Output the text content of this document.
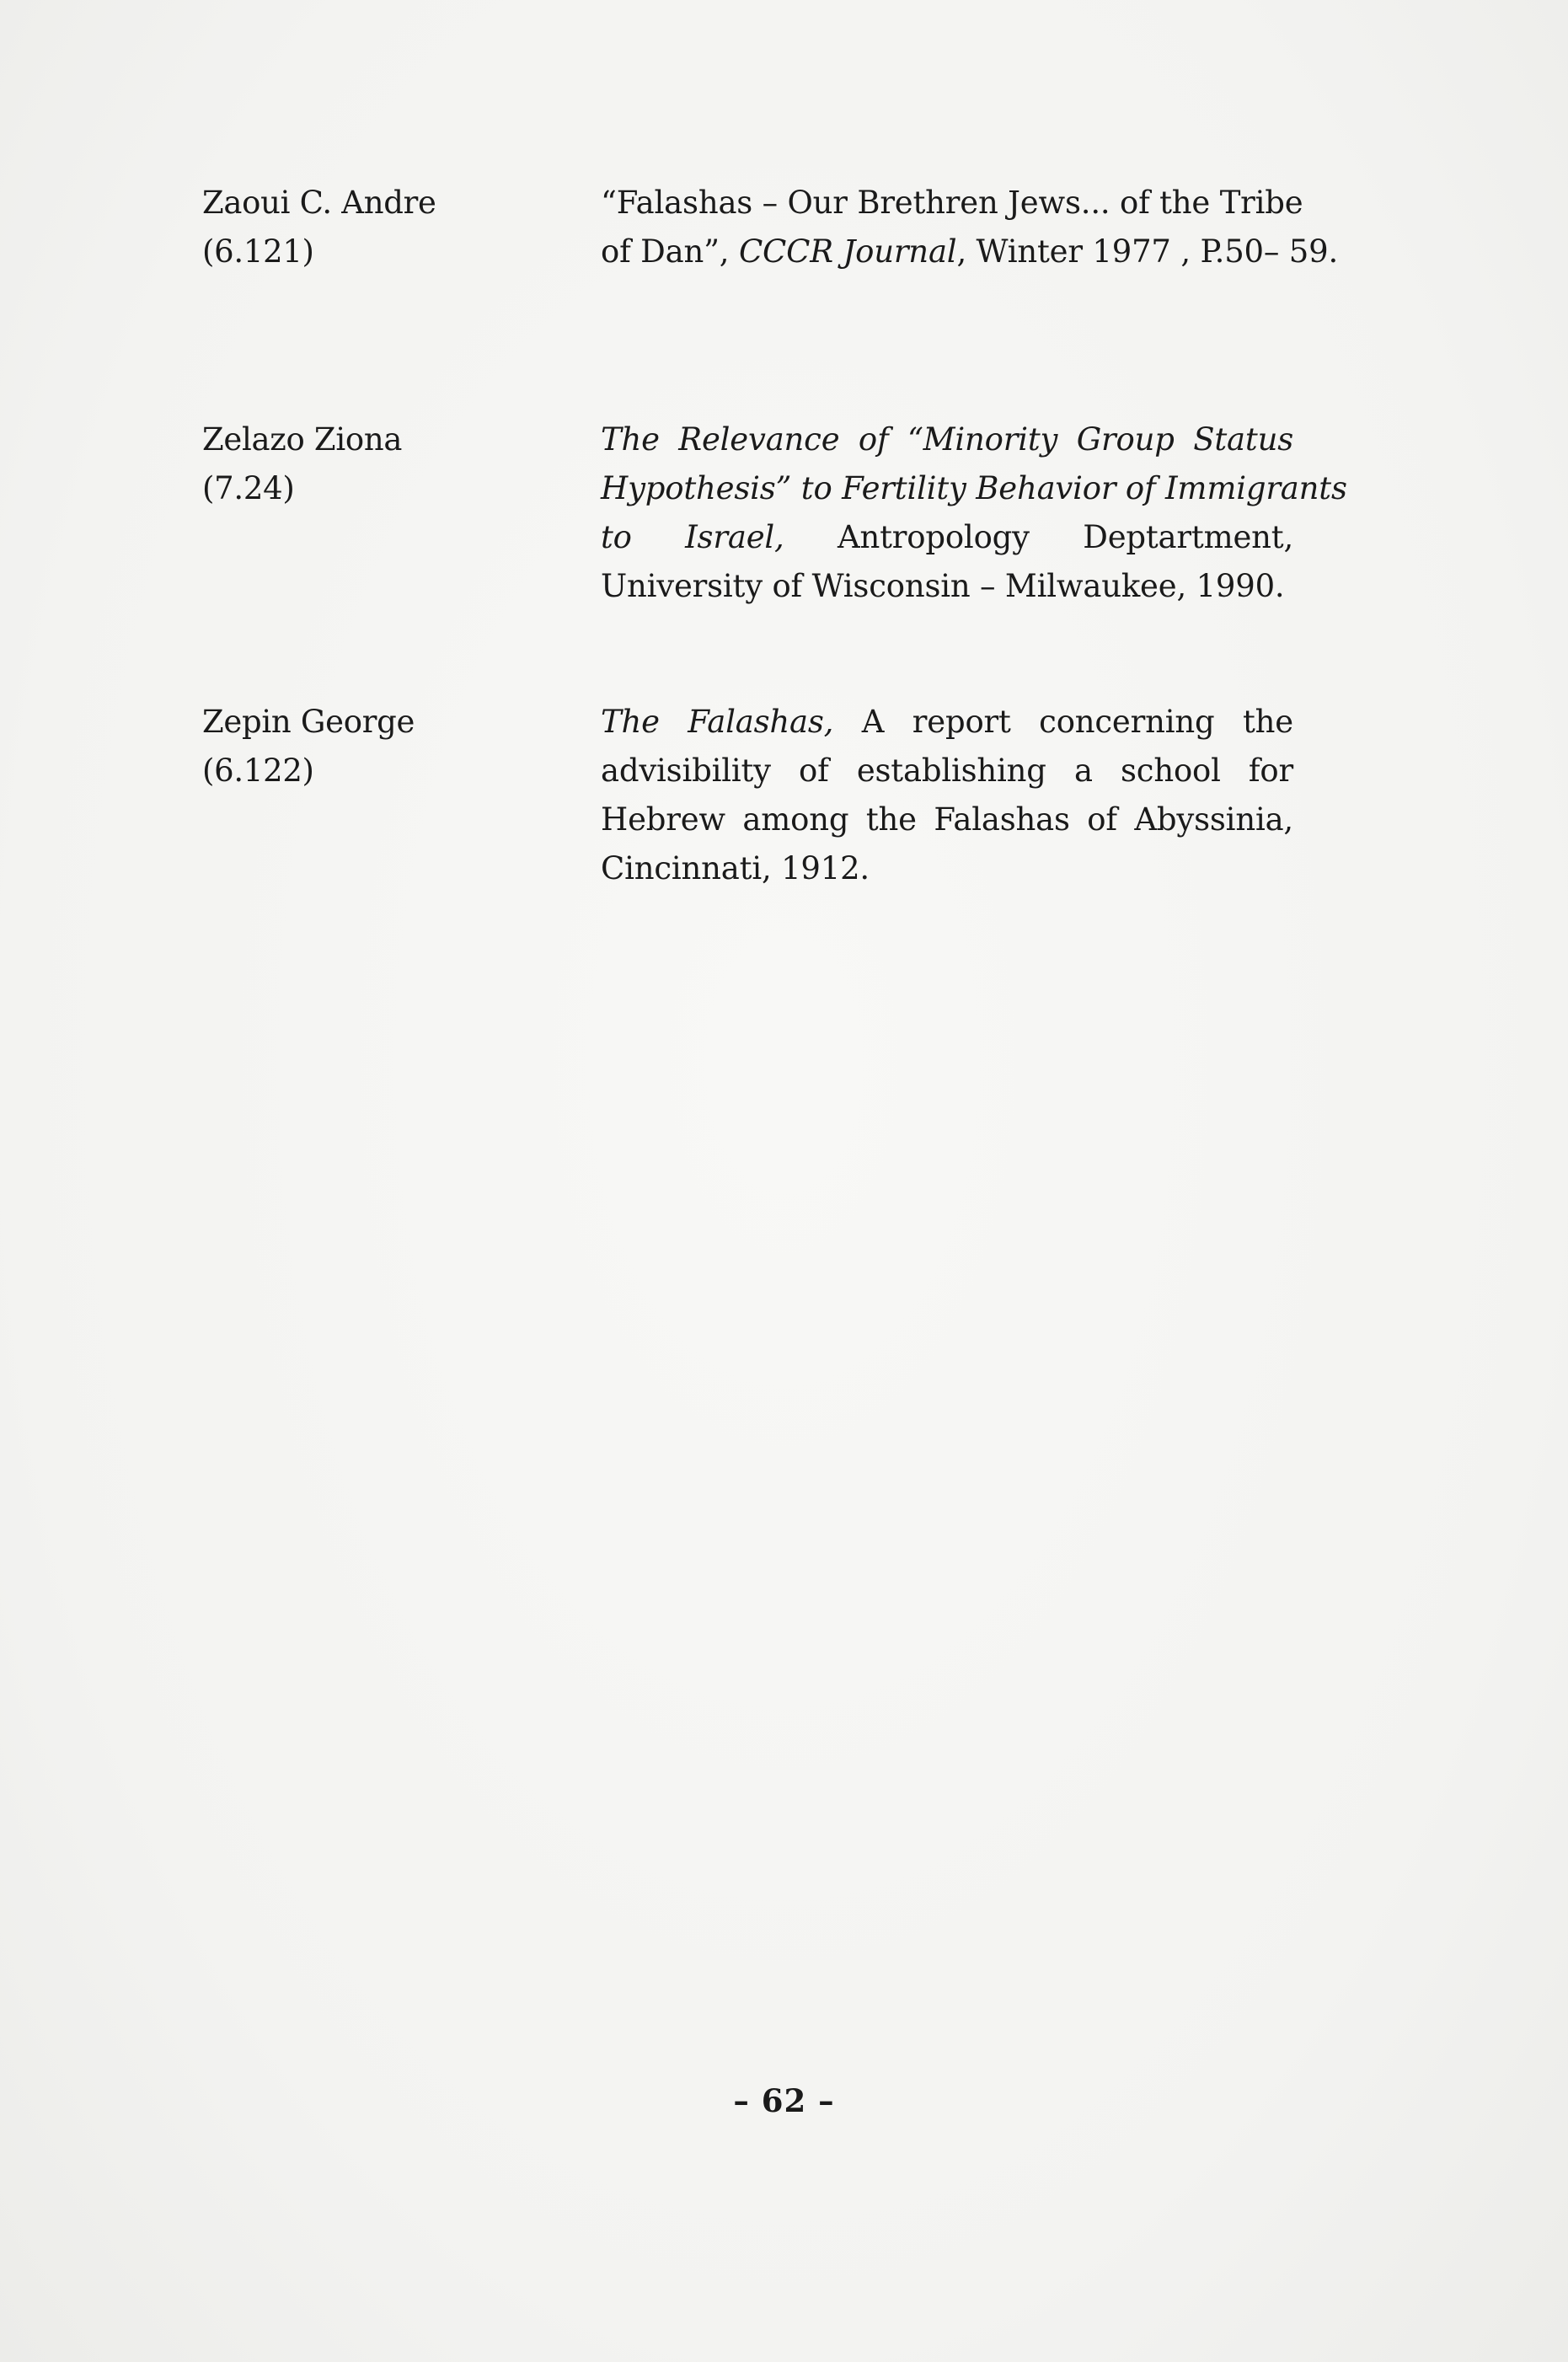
Zaoui C. Andre
(6.121)
“Falashas – Our Brethren Jews... of the Tribe
of Dan”, CCCR Journal, Winter 1977 , P.50– 59.
Zelazo Ziona
(7.24)
The Relevance of “Minority Group Status
Hypothesis” to Fertility Behavior of Immigrants
to Israel, Antropology Deptartment,
University of Wisconsin – Milwaukee, 1990.
Zepin George
(6.122)
The Falashas, A report concerning the
advisibility of establishing a school for
Hebrew among the Falashas of Abyssinia,
Cincinnati, 1912.
– 62 –
